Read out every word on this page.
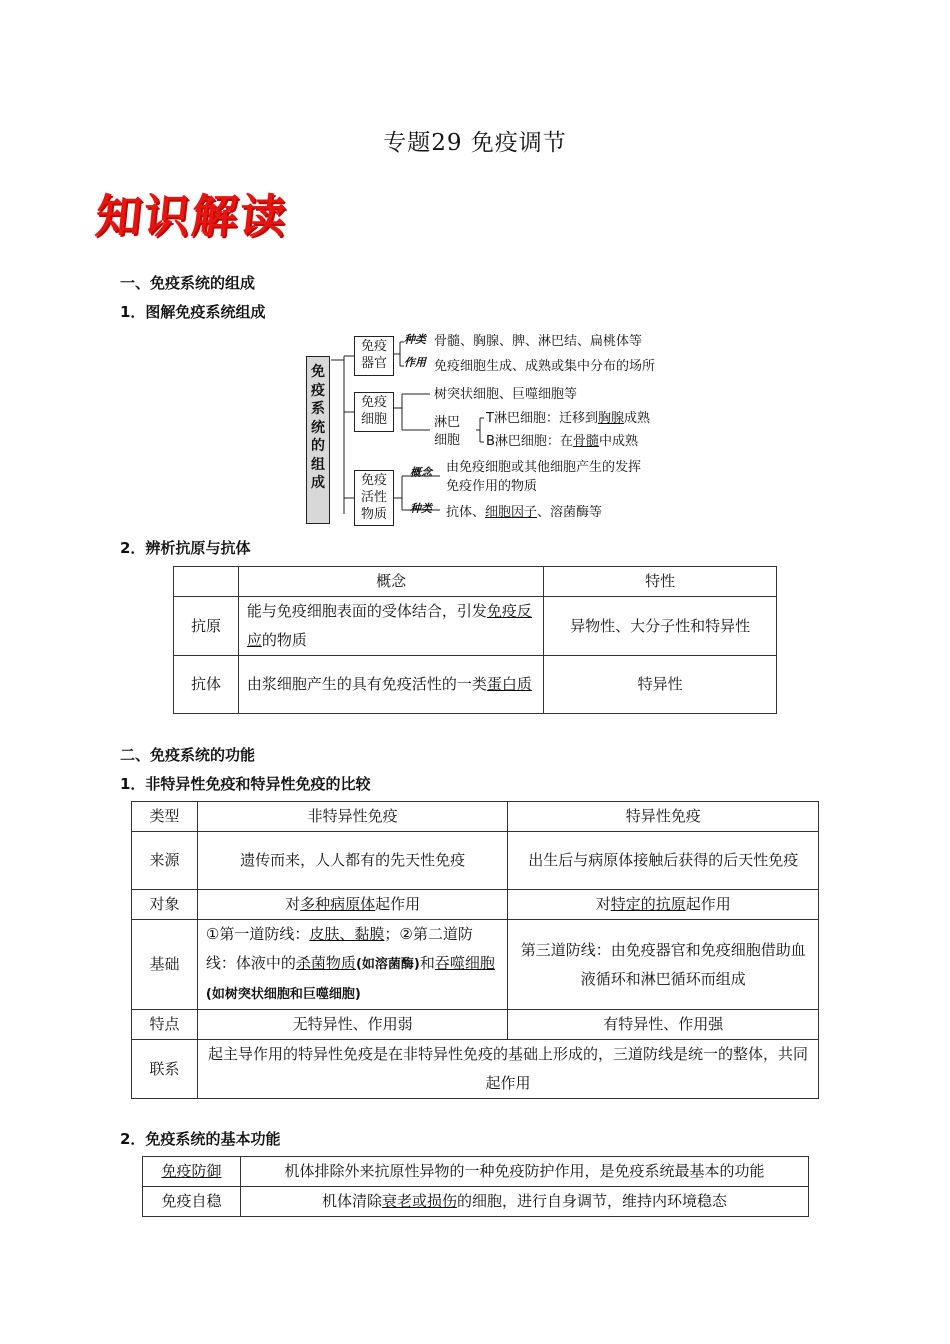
专题29 免疫调节
知识解读
一、免疫系统的组成
1．图解免疫系统组成
免疫系统的组成
免疫器官
种类
作用
骨髓、胸腺、脾、淋巴结、扁桃体等
免疫细胞生成、成熟或集中分布的场所
免疫细胞
树突状细胞、巨噬细胞等
淋巴细胞
T淋巴细胞：迁移到胸腺成熟
B淋巴细胞：在骨髓中成熟
免疫活性物质
概念
种类
由免疫细胞或其他细胞产生的发挥
免疫作用的物质
抗体、细胞因子、溶菌酶等
2．辨析抗原与抗体
	概念	特性
抗原	能与免疫细胞表面的受体结合，引发免疫反应的物质	异物性、大分子性和特异性
抗体	由浆细胞产生的具有免疫活性的一类蛋白质	特异性
二、免疫系统的功能
1．非特异性免疫和特异性免疫的比较
类型	非特异性免疫	特异性免疫
来源	遗传而来，人人都有的先天性免疫	出生后与病原体接触后获得的后天性免疫
对象	对多种病原体起作用	对特定的抗原起作用
基础	①第一道防线：皮肤、黏膜；②第二道防线：体液中的杀菌物质(如溶菌酶)和吞噬细胞(如树突状细胞和巨噬细胞)	第三道防线：由免疫器官和免疫细胞借助血液循环和淋巴循环而组成
特点	无特异性、作用弱	有特异性、作用强
联系	起主导作用的特异性免疫是在非特异性免疫的基础上形成的，三道防线是统一的整体，共同起作用	
2．免疫系统的基本功能
免疫防御	机体排除外来抗原性异物的一种免疫防护作用，是免疫系统最基本的功能
免疫自稳	机体清除衰老或损伤的细胞，进行自身调节，维持内环境稳态
